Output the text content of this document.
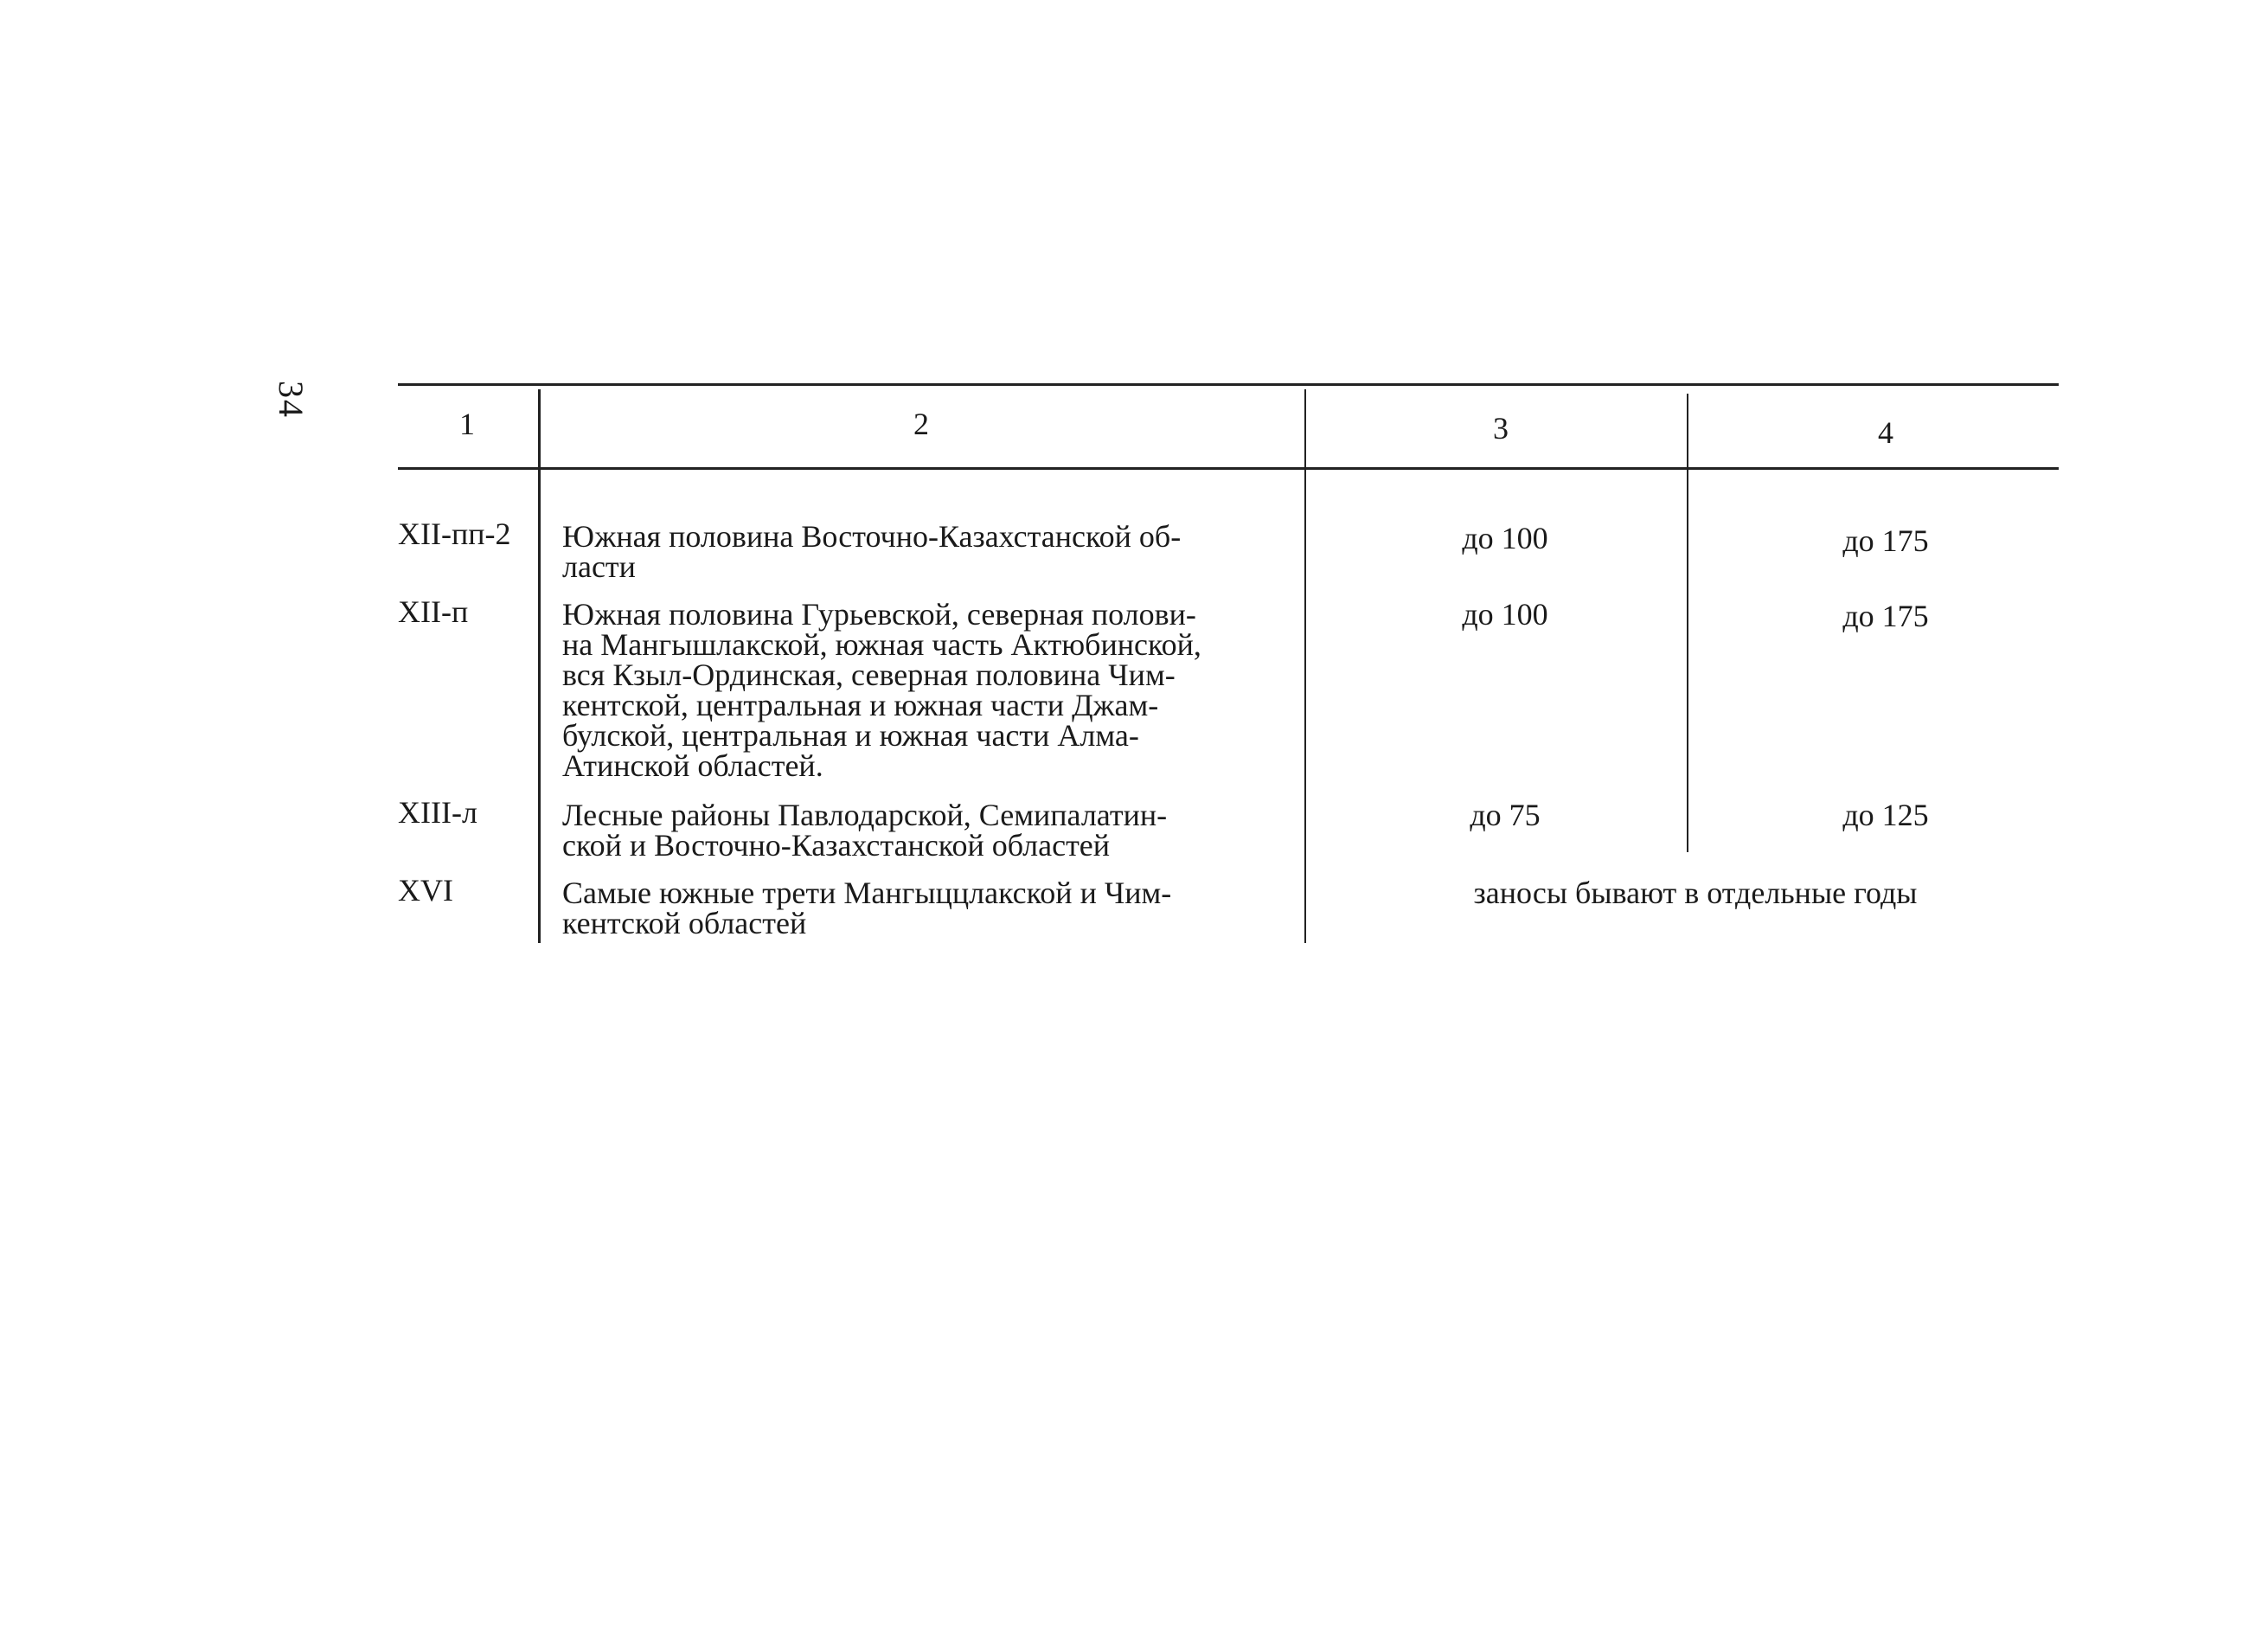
34
1	2	3	4
XII-пп-2 Южная половина Восточно-Казахстанской об-
ласти
до 100	до 175
XII-п	Южная половина Гурьевской, северная полови-
на Мангышлакской, южная часть Актюбинской,
вся Кзыл-Ординская, северная половина Чим-
кентской, центральная и южная части Джам-
булской, центральная и южная части Алма-
Атинской областей.
до 100	до 175
XIII-л	Лесные районы Павлодарской, Семипалатин-
ской и Восточно-Казахстанской областей
до 75	до 125
XVI	Самые южные трети Мангыццлакской и Чим-
кентской областей
заносы бывают в отдельные годы
